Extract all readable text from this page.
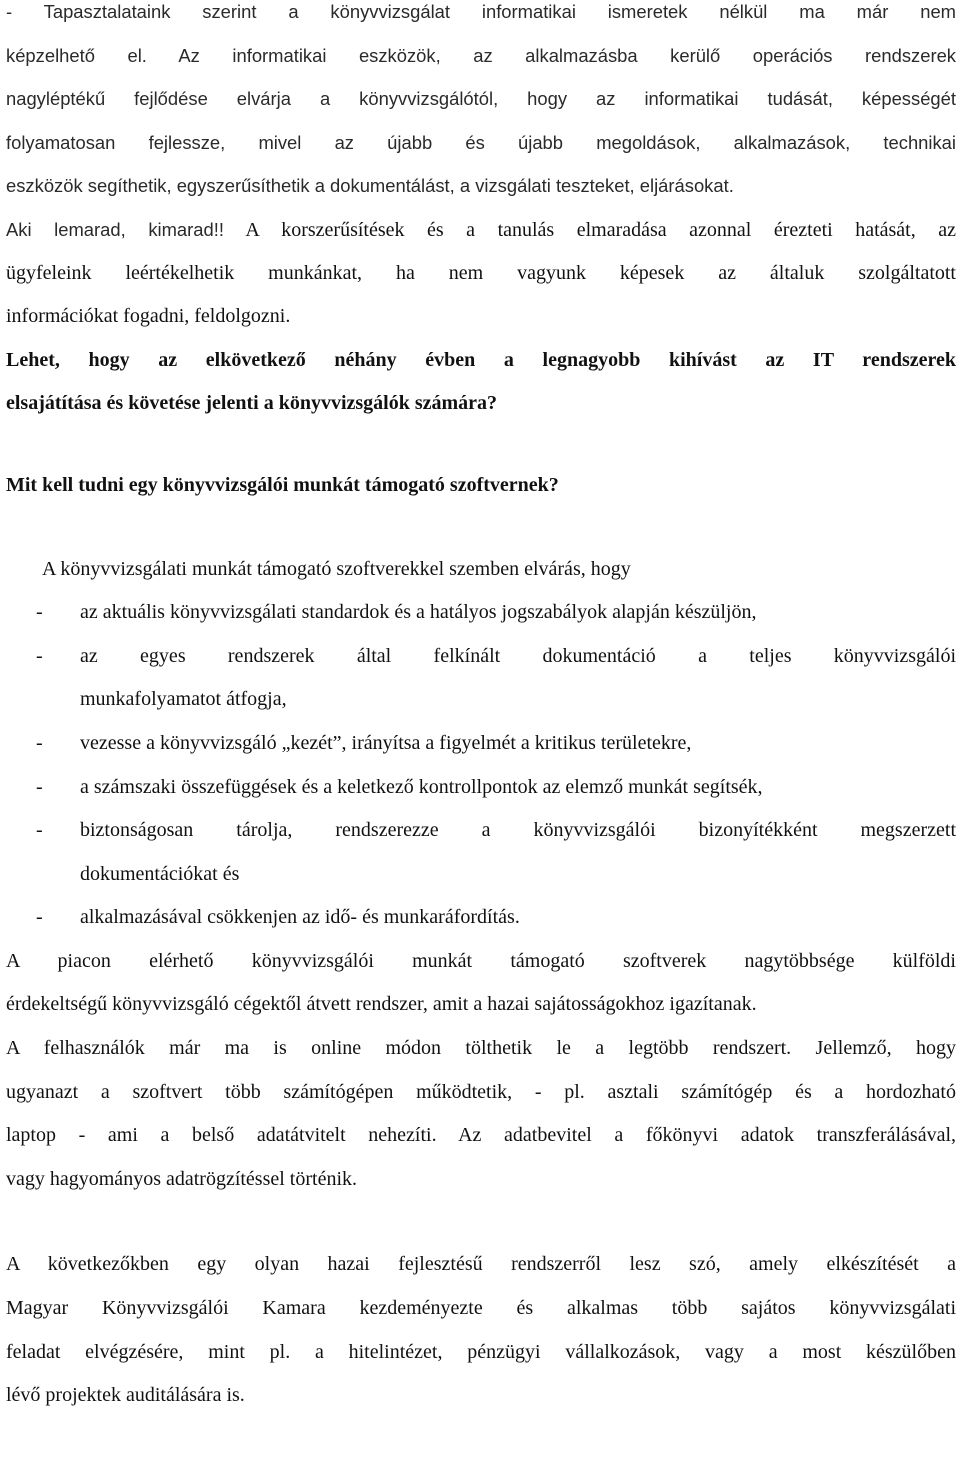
- Tapasztalataink szerint a könyvvizsgálat informatikai ismeretek nélkül ma már nem
képzelhető el. Az informatikai eszközök, az alkalmazásba kerülő operációs rendszerek
nagyléptékű fejlődése elvárja a könyvvizsgálótól, hogy az informatikai tudását, képességét
folyamatosan fejlessze, mivel az újabb és újabb megoldások, alkalmazások, technikai
eszközök segíthetik, egyszerűsíthetik a dokumentálást, a vizsgálati teszteket, eljárásokat.
Aki lemarad, kimarad!! A korszerűsítések és a tanulás elmaradása azonnal érezteti hatását, az
ügyfeleink leértékelhetik munkánkat, ha nem vagyunk képesek az általuk szolgáltatott
információkat fogadni, feldolgozni.
Lehet, hogy az elkövetkező néhány évben a legnagyobb kihívást az IT rendszerek
elsajátítása és követése jelenti a könyvvizsgálók számára?
Mit kell tudni egy könyvvizsgálói munkát támogató szoftvernek?
A könyvvizsgálati munkát támogató szoftverekkel szemben elvárás, hogy
-	az aktuális könyvvizsgálati standardok és a hatályos jogszabályok alapján készüljön,
-	az egyes rendszerek által felkínált dokumentáció a teljes könyvvizsgálói
munkafolyamatot átfogja,
-	vezesse a könyvvizsgáló „kezét”, irányítsa a figyelmét a kritikus területekre,
-	a számszaki összefüggések és a keletkező kontrollpontok az elemző munkát segítsék,
-	biztonságosan tárolja, rendszerezze a könyvvizsgálói bizonyítékként megszerzett
dokumentációkat és
-	alkalmazásával csökkenjen az idő- és munkaráfordítás.
A piacon elérhető könyvvizsgálói munkát támogató szoftverek nagytöbbsége külföldi
érdekeltségű könyvvizsgáló cégektől átvett rendszer, amit a hazai sajátosságokhoz igazítanak.
A felhasználók már ma is online módon tölthetik le a legtöbb rendszert. Jellemző, hogy
ugyanazt a szoftvert több számítógépen működtetik, - pl. asztali számítógép és a hordozható
laptop - ami a belső adatátvitelt nehezíti. Az adatbevitel a főkönyvi adatok transzferálásával,
vagy hagyományos adatrögzítéssel történik.
A következőkben egy olyan hazai fejlesztésű rendszerről lesz szó, amely elkészítését a
Magyar Könyvvizsgálói Kamara kezdeményezte és alkalmas több sajátos könyvvizsgálati
feladat elvégzésére, mint pl. a hitelintézet, pénzügyi vállalkozások, vagy a most készülőben
lévő projektek auditálására is.
